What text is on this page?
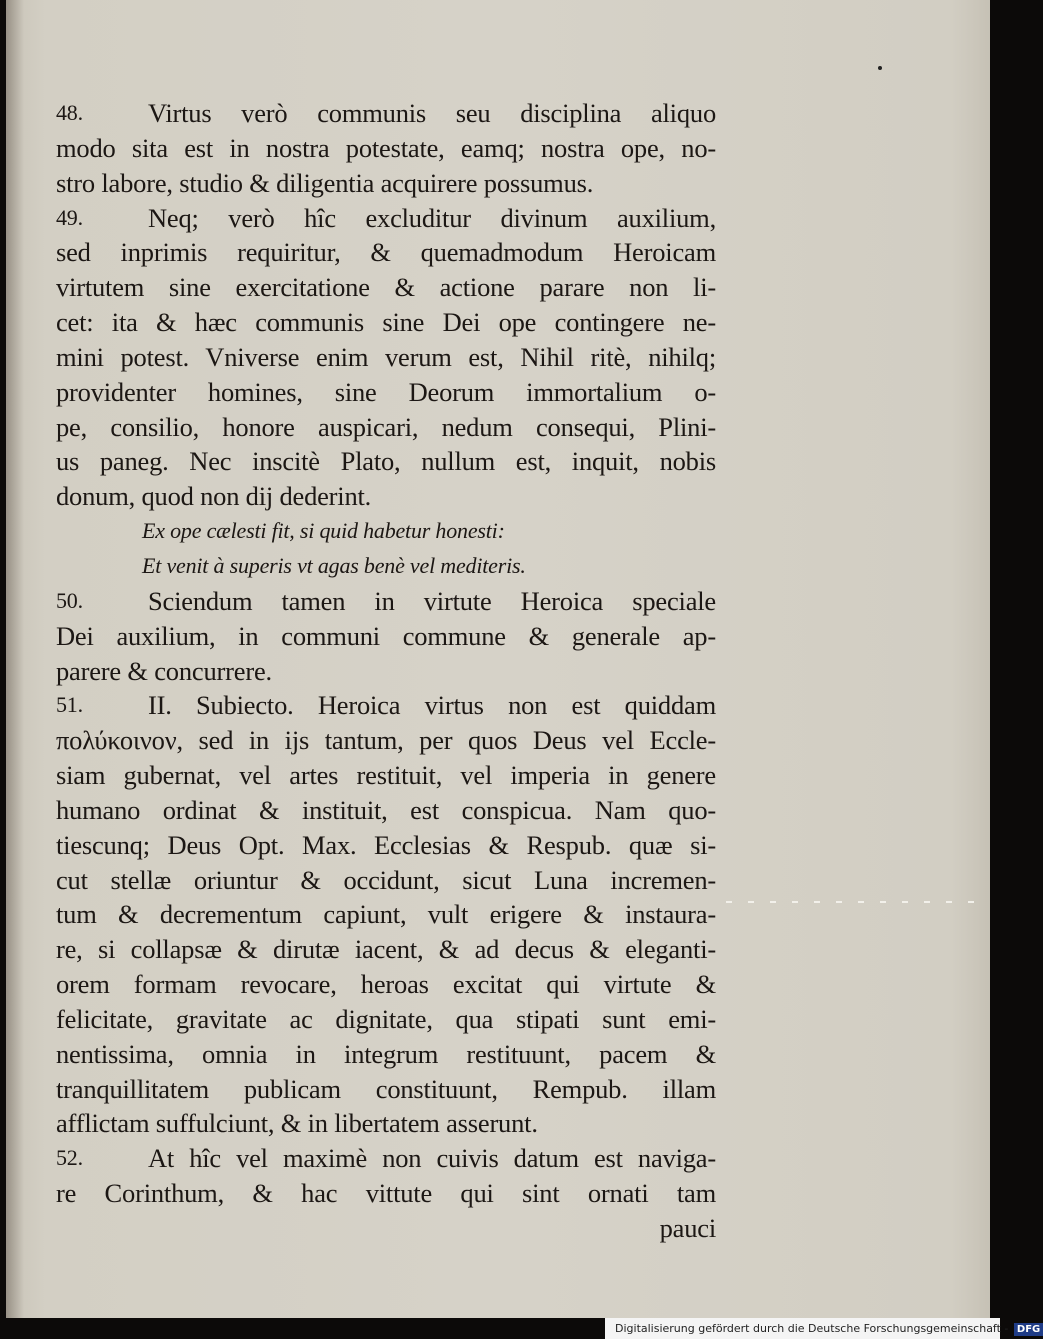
48.	Virtus verò communis seu disciplina aliquo
modo sita est in nostra potestate, eamq; nostra ope, no-
stro labore, studio & diligentia acquirere possumus.
49.	Neq; verò hîc excluditur divinum auxilium,
sed inprimis requiritur, & quemadmodum Heroicam
virtutem sine exercitatione & actione parare non li-
cet: ita & hæc communis sine Dei ope contingere ne-
mini potest. Vniverse enim verum est, Nihil ritè, nihilq;
providenter homines, sine Deorum immortalium o-
pe, consilio, honore auspicari, nedum consequi, Plini-
us paneg. Nec inscitè Plato, nullum est, inquit, nobis
donum, quod non dij dederint.
Ex ope cælesti fit, si quid habetur honesti:
Et venit à superis vt agas benè vel mediteris.
50.	Sciendum tamen in virtute Heroica speciale
Dei auxilium, in communi commune & generale ap-
parere & concurrere.
51.	II. Subiecto. Heroica virtus non est quiddam
πολύκοινον, sed in ijs tantum, per quos Deus vel Eccle-
siam gubernat, vel artes restituit, vel imperia in genere
humano ordinat & instituit, est conspicua. Nam quo-
tiescunq; Deus Opt. Max. Ecclesias & Respub. quæ si-
cut stellæ oriuntur & occidunt, sicut Luna incremen-
tum & decrementum capiunt, vult erigere & instaura-
re, si collapsæ & dirutæ iacent, & ad decus & eleganti-
orem formam revocare, heroas excitat qui virtute &
felicitate, gravitate ac dignitate, qua stipati sunt emi-
nentissima, omnia in integrum restituunt, pacem &
tranquillitatem publicam constituunt, Rempub. illam
afflictam suffulciunt, & in libertatem asserunt.
52.	At hîc vel maximè non cuivis datum est naviga-
re Corinthum, & hac vittute qui sint ornati tam
pauci
Digitalisierung gefördert durch die Deutsche Forschungsgemeinschaft - DFG
